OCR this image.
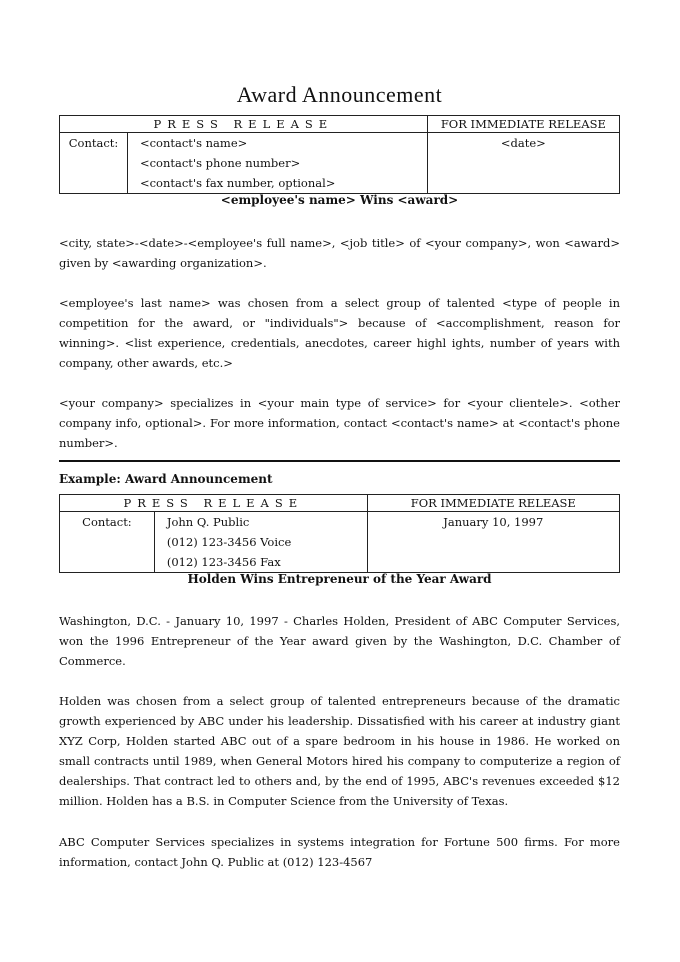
Award Announcement
PRESS RELEASE		FOR IMMEDIATE RELEASE
Contact:	<contact's name>
<contact's phone number>
<contact's fax number, optional>	<date>
<employee's name> Wins <award>

<city, state>-<date>-<employee's full name>, <job title> of <your company>, won <award> given by <awarding organization>.

<employee's last name> was chosen from a select group of talented <type of people in competition for the award, or "individuals"> because of <accomplishment, reason for winning>. <list experience, credentials, anecdotes, career highl ights, number of years with company, other awards, etc.>

<your company> specializes in <your main type of service> for <your clientele>. <other company info, optional>. For more information, contact <contact's name> at <contact's phone number>.

Example: Award Announcement
PRESS RELEASE		FOR IMMEDIATE RELEASE
Contact:	John Q. Public
(012) 123-3456 Voice
(012) 123-3456 Fax	January 10, 1997
Holden Wins Entrepreneur of the Year Award

Washington, D.C. - January 10, 1997 - Charles Holden, President of ABC Computer Services, won the 1996 Entrepreneur of the Year award given by the Washington, D.C. Chamber of Commerce.

Holden was chosen from a select group of talented entrepreneurs because of the dramatic growth experienced by ABC under his leadership. Dissatisfied with his career at industry giant XYZ Corp, Holden started ABC out of a spare bedroom in his house in 1986. He worked on small contracts until 1989, when General Motors hired his company to computerize a region of dealerships. That contract led to others and, by the end of 1995, ABC's revenues exceeded $12 million. Holden has a B.S. in Computer Science from the University of Texas.

ABC Computer Services specializes in systems integration for Fortune 500 firms. For more information, contact John Q. Public at (012) 123-4567
